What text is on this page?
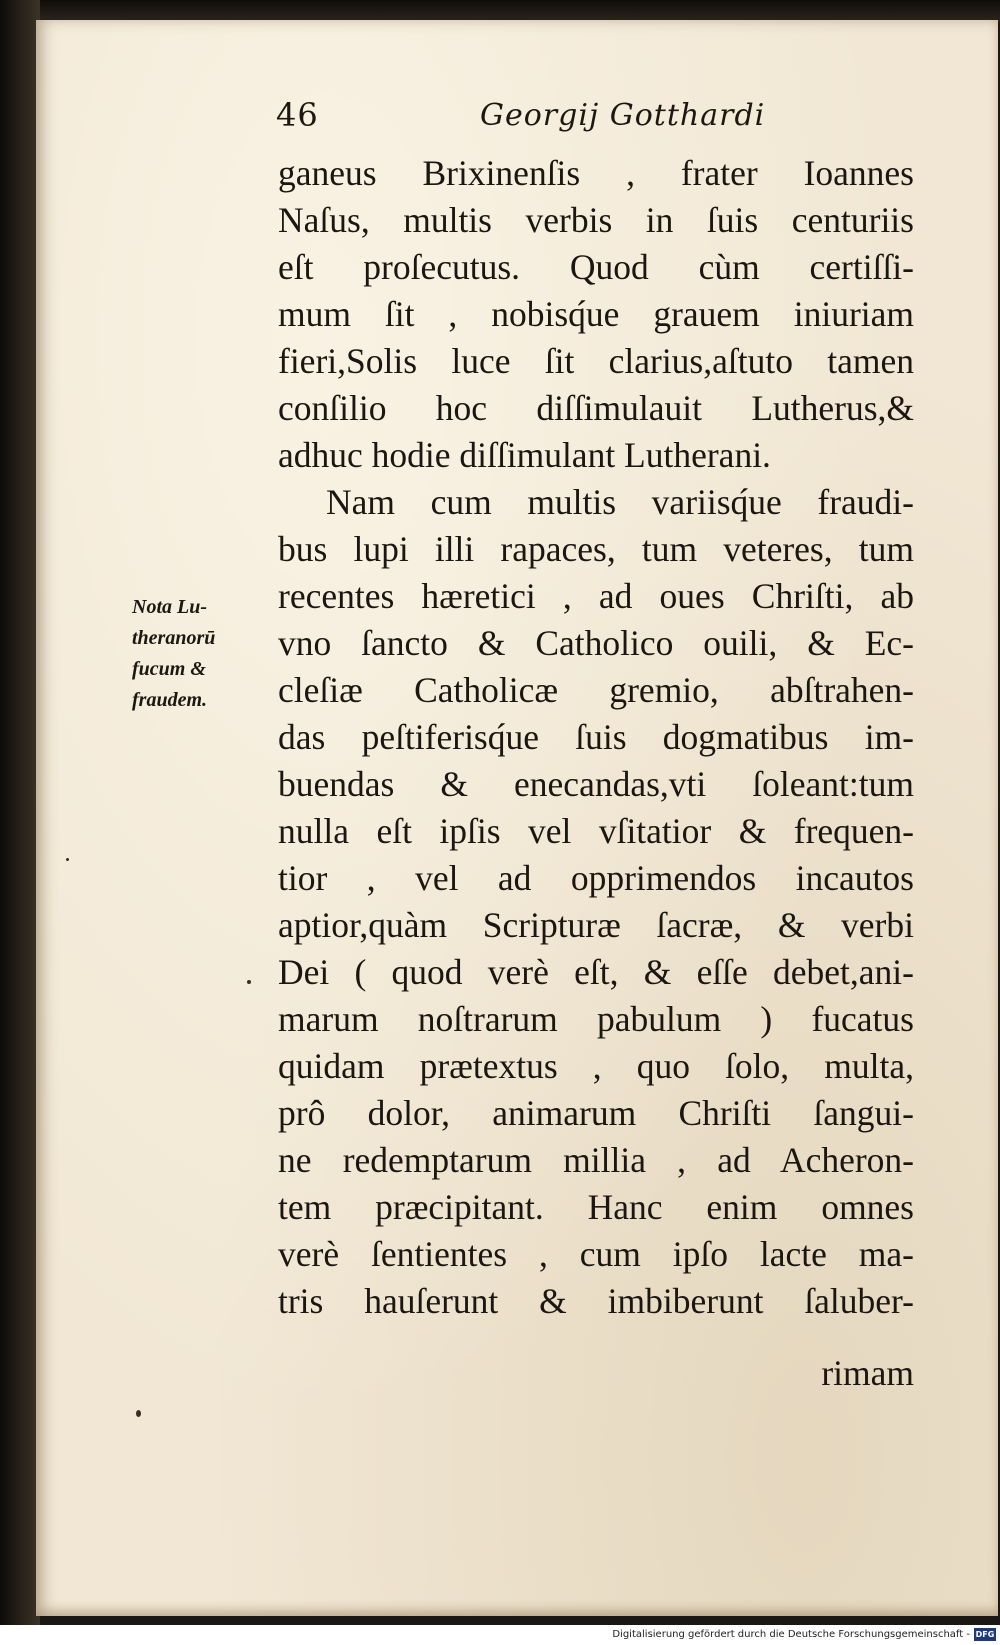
46	Georgij Gotthardi
Nota Lu-
theranorū
fucum &
fraudem.
ganeus Brixinenſis , frater Ioannes
Naſus, multis verbis in ſuis centuriis
eſt proſecutus. Quod cùm certiſſi-
mum ſit , nobisq́ue grauem iniuriam
fieri,Solis luce ſit clarius,aſtuto tamen
conſilio hoc diſſimulauit Lutherus,&
adhuc hodie diſſimulant Lutherani.
Nam cum multis variisq́ue fraudi-
bus lupi illi rapaces, tum veteres, tum
recentes hæretici , ad oues Chriſti, ab
vno ſancto & Catholico ouili, & Ec-
cleſiæ Catholicæ gremio, abſtrahen-
das peſtiferisq́ue ſuis dogmatibus im-
buendas & enecandas,vti ſoleant:tum
nulla eſt ipſis vel vſitatior & frequen-
tior , vel ad opprimendos incautos
aptior,quàm Scripturæ ſacræ, & verbi
Dei ( quod verè eſt, & eſſe debet,ani-
marum noſtrarum pabulum ) fucatus
quidam prætextus , quo ſolo, multa,
prô dolor, animarum Chriſti ſangui-
ne redemptarum millia , ad Acheron-
tem præcipitant. Hanc enim omnes
verè ſentientes , cum ipſo lacte ma-
tris hauſerunt & imbiberunt ſaluber-
rimam
Digitalisierung gefördert durch die Deutsche Forschungsgemeinschaft - DFG
